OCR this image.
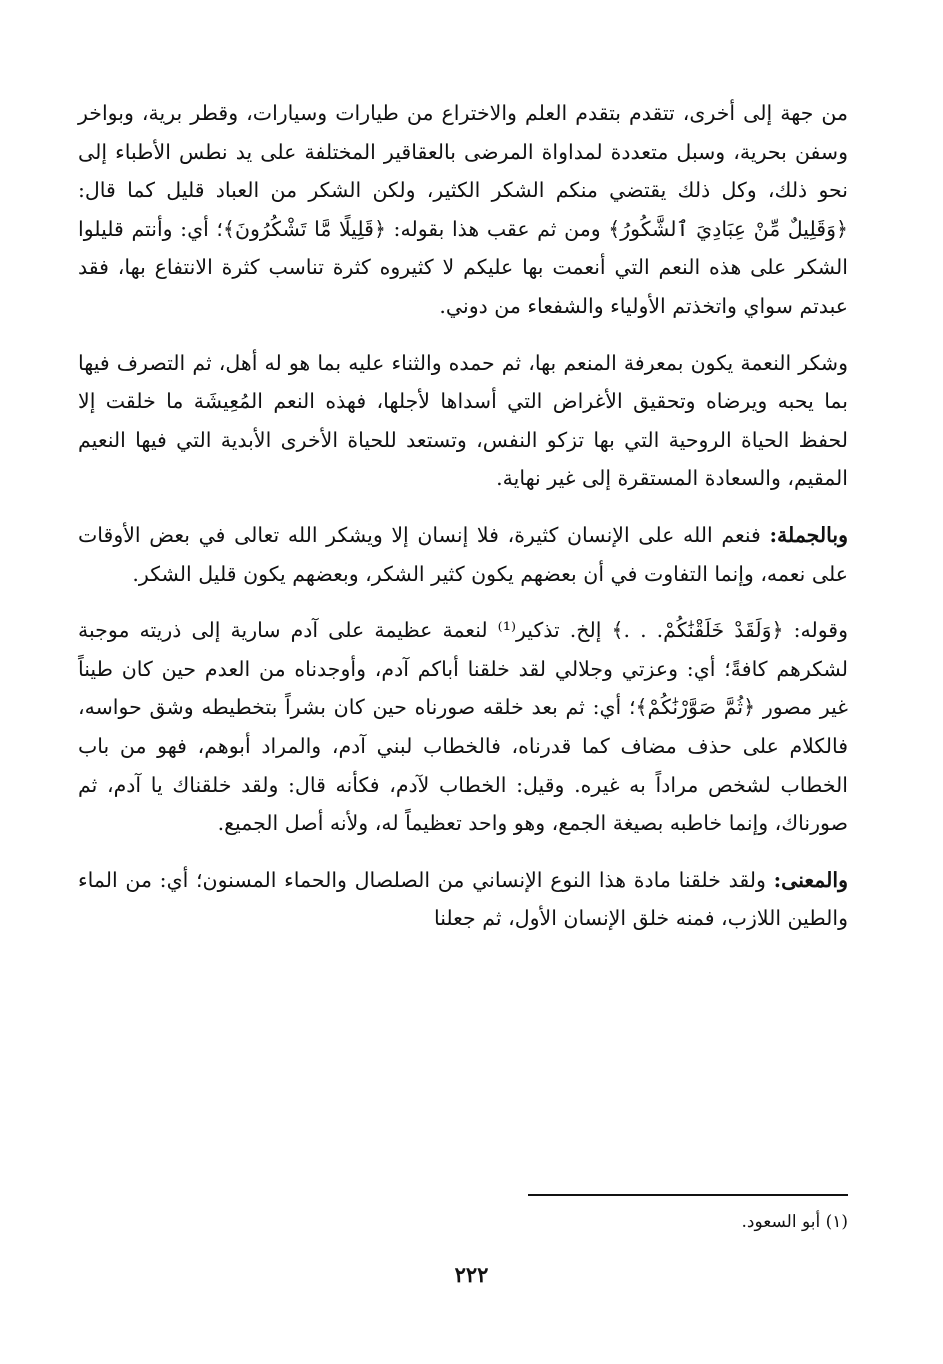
من جهة إلى أخرى، تتقدم بتقدم العلم والاختراع من طيارات وسيارات، وقطر برية، وبواخر وسفن بحرية، وسبل متعددة لمداواة المرضى بالعقاقير المختلفة على يد نطس الأطباء إلى نحو ذلك، وكل ذلك يقتضي منكم الشكر الكثير، ولكن الشكر من العباد قليل كما قال: ﴿وَقَلِيلٌ مِّنْ عِبَادِيَ ٱلشَّكُورُ﴾ ومن ثم عقب هذا بقوله: ﴿قَلِيلًا مَّا تَشْكُرُونَ﴾؛ أي: وأنتم قليلوا الشكر على هذه النعم التي أنعمت بها عليكم لا كثيروه كثرة تناسب كثرة الانتفاع بها، فقد عبدتم سواي واتخذتم الأولياء والشفعاء من دوني.

وشكر النعمة يكون بمعرفة المنعم بها، ثم حمده والثناء عليه بما هو له أهل، ثم التصرف فيها بما يحبه ويرضاه وتحقيق الأغراض التي أسداها لأجلها، فهذه النعم المُعِيشَة ما خلقت إلا لحفظ الحياة الروحية التي بها تزكو النفس، وتستعد للحياة الأخرى الأبدية التي فيها النعيم المقيم، والسعادة المستقرة إلى غير نهاية.

وبالجملة: فنعم الله على الإنسان كثيرة، فلا إنسان إلا ويشكر الله تعالى في بعض الأوقات على نعمه، وإنما التفاوت في أن بعضهم يكون كثير الشكر، وبعضهم يكون قليل الشكر.

وقوله: ﴿وَلَقَدْ خَلَقْنَٰكُمْ. . .﴾ إلخ. تذكير⁽¹⁾ لنعمة عظيمة على آدم سارية إلى ذريته موجبة لشكرهم كافةً؛ أي: وعزتي وجلالي لقد خلقنا أباكم آدم، وأوجدناه من العدم حين كان طيناً غير مصور ﴿ثُمَّ صَوَّرْنَٰكُمْ﴾؛ أي: ثم بعد خلقه صورناه حين كان بشراً بتخطيطه وشق حواسه، فالكلام على حذف مضاف كما قدرناه، فالخطاب لبني آدم، والمراد أبوهم، فهو من باب الخطاب لشخص مراداً به غيره. وقيل: الخطاب لآدم، فكأنه قال: ولقد خلقناك يا آدم، ثم صورناك، وإنما خاطبه بصيغة الجمع، وهو واحد تعظيماً له، ولأنه أصل الجميع.

والمعنى: ولقد خلقنا مادة هذا النوع الإنساني من الصلصال والحماء المسنون؛ أي: من الماء والطين اللازب، فمنه خلق الإنسان الأول، ثم جعلنا

(١) أبو السعود.
٢٢٢
